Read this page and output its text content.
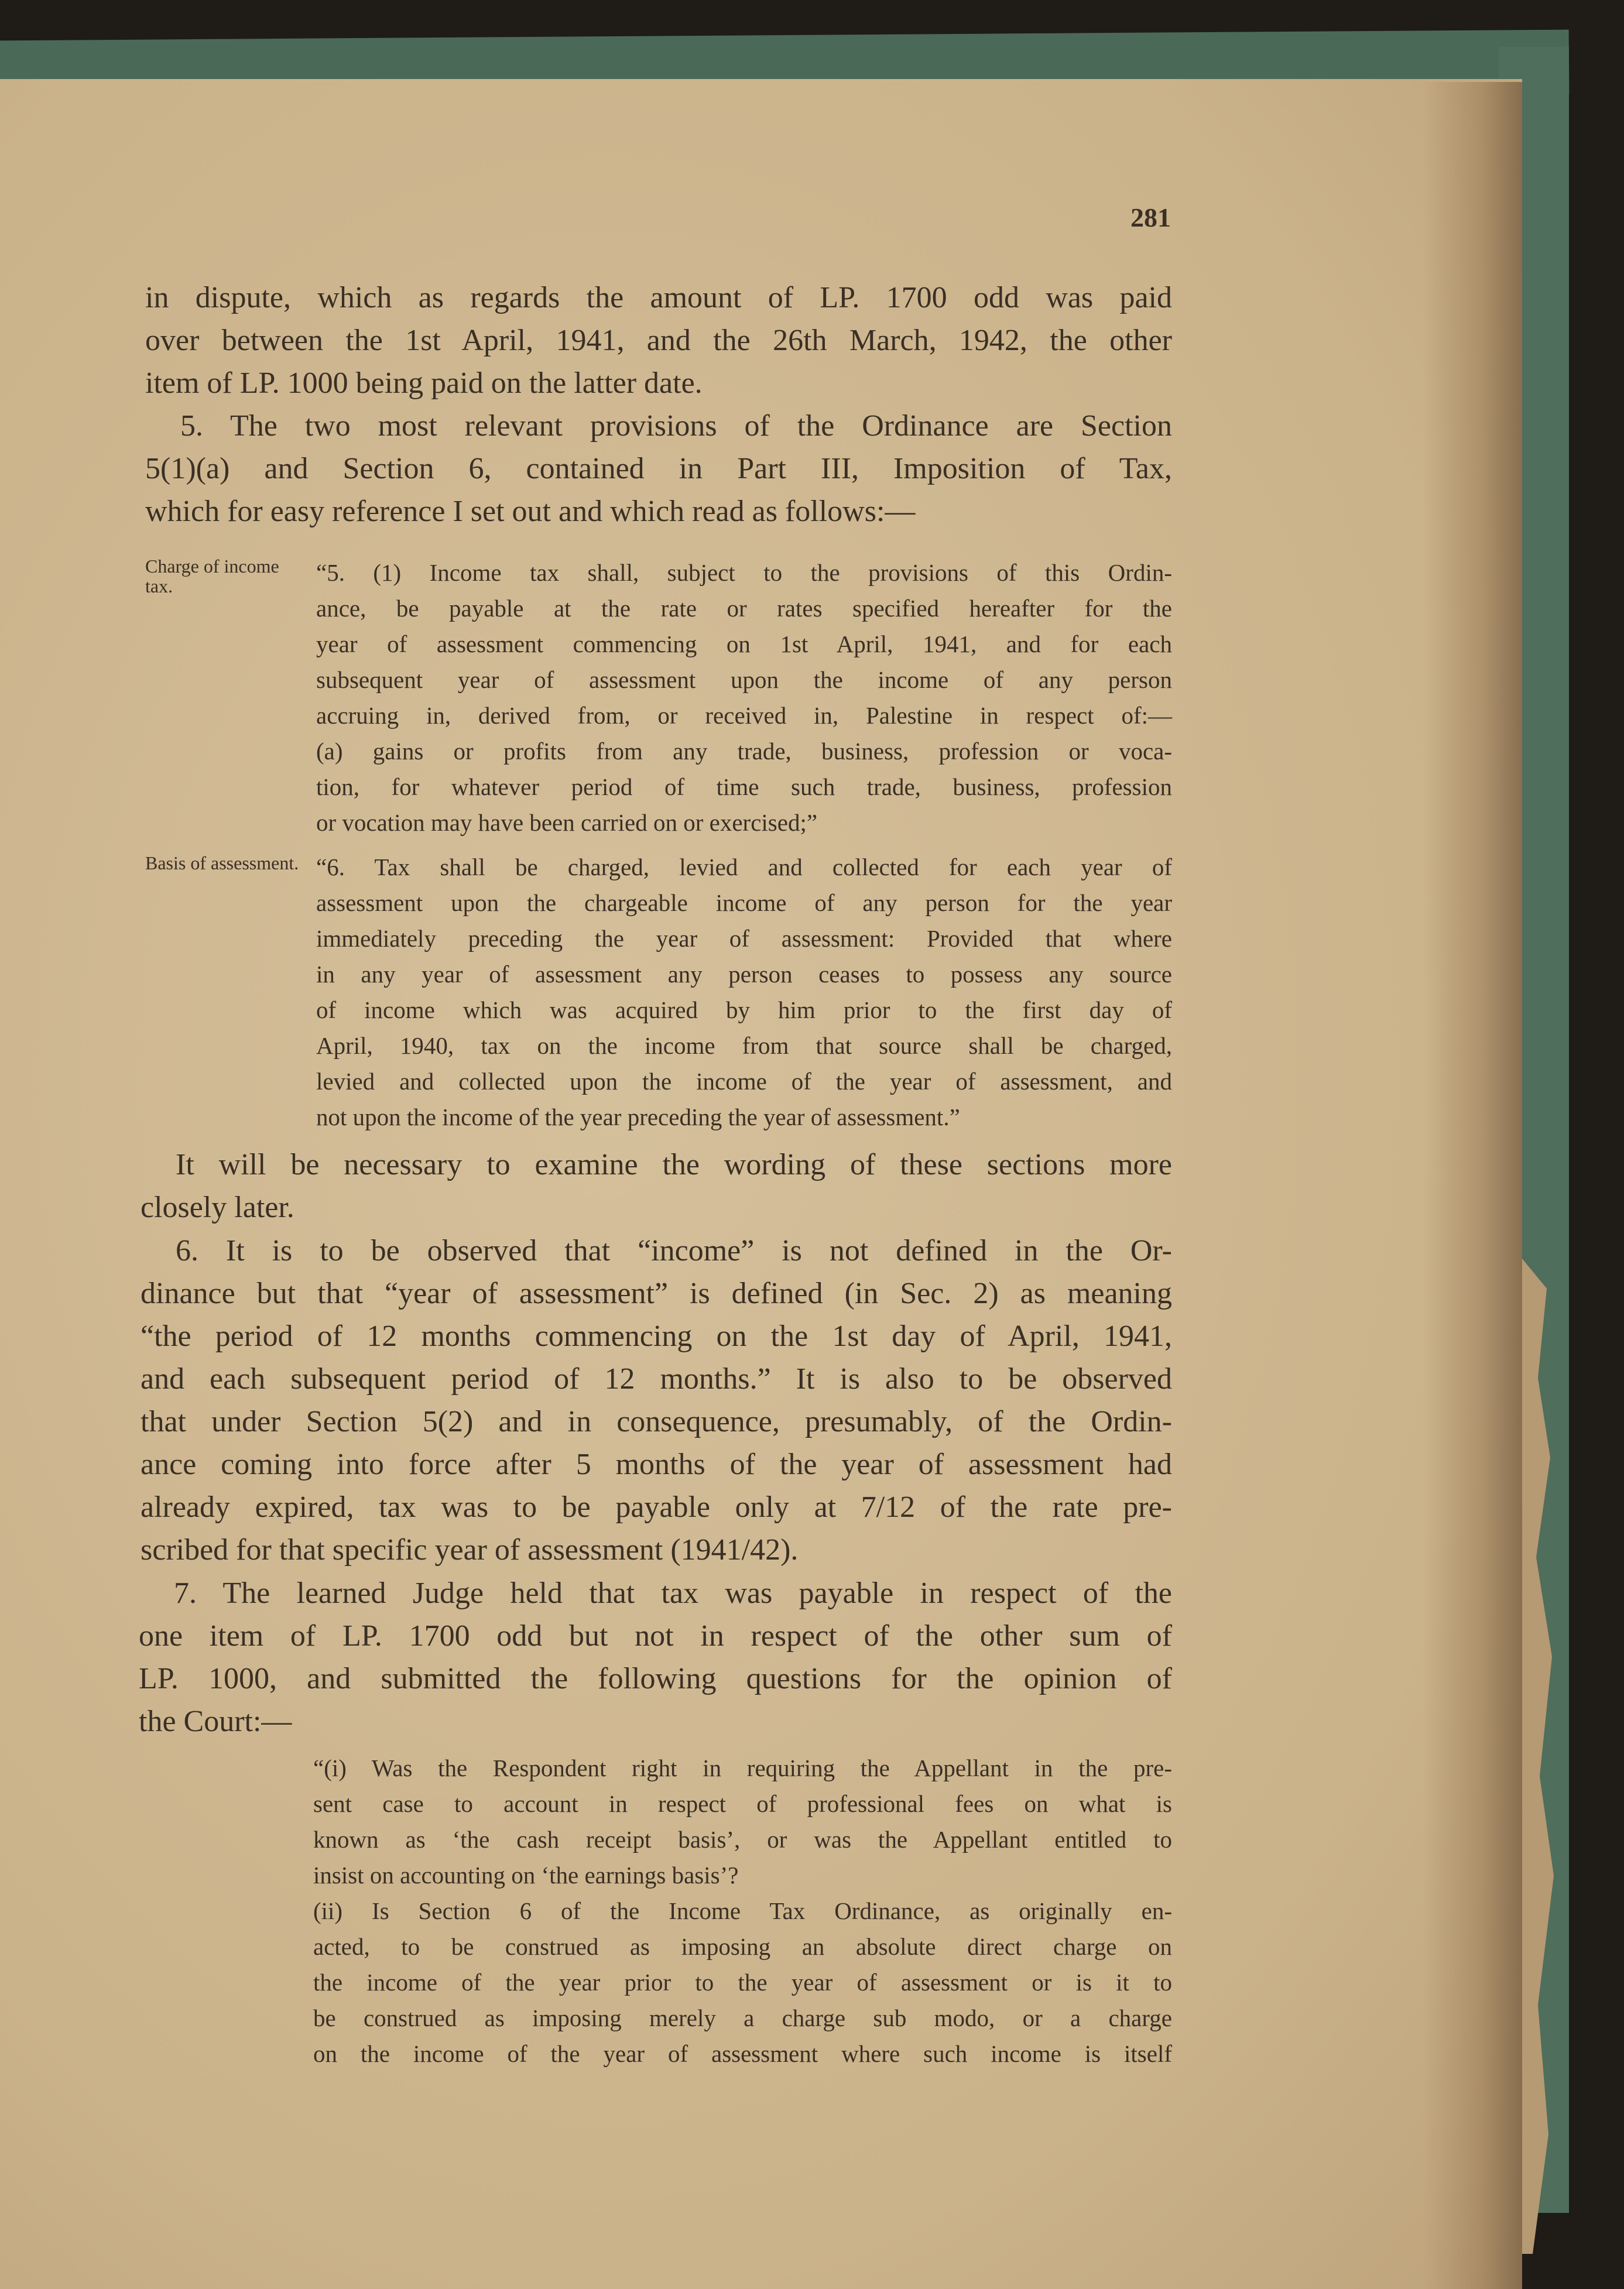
281
in dispute, which as regards the amount of LP. 1700 odd was paid
over between the 1st April, 1941, and the 26th March, 1942, the other
item of LP. 1000 being paid on the latter date.
5. The two most relevant provisions of the Ordinance are Section
5(1)(a) and Section 6, contained in Part III, Imposition of Tax,
which for easy reference I set out and which read as follows:—
Charge of income tax.
Basis of assessment.
“5. (1) Income tax shall, subject to the provisions of this Ordin-
ance, be payable at the rate or rates specified hereafter for the
year of assessment commencing on 1st April, 1941, and for each
subsequent year of assessment upon the income of any person
accruing in, derived from, or received in, Palestine in respect of:—
(a) gains or profits from any trade, business, profession or voca-
tion, for whatever period of time such trade, business, profession
or vocation may have been carried on or exercised;”
“6. Tax shall be charged, levied and collected for each year of
assessment upon the chargeable income of any person for the year
immediately preceding the year of assessment: Provided that where
in any year of assessment any person ceases to possess any source
of income which was acquired by him prior to the first day of
April, 1940, tax on the income from that source shall be charged,
levied and collected upon the income of the year of assessment, and
not upon the income of the year preceding the year of assessment.”
It will be necessary to examine the wording of these sections more
closely later.
6. It is to be observed that “income” is not defined in the Or-
dinance but that “year of assessment” is defined (in Sec. 2) as meaning
“the period of 12 months commencing on the 1st day of April, 1941,
and each subsequent period of 12 months.” It is also to be observed
that under Section 5(2) and in consequence, presumably, of the Ordin-
ance coming into force after 5 months of the year of assessment had
already expired, tax was to be payable only at 7/12 of the rate pre-
scribed for that specific year of assessment (1941/42).
7. The learned Judge held that tax was payable in respect of the
one item of LP. 1700 odd but not in respect of the other sum of
LP. 1000, and submitted the following questions for the opinion of
the Court:—
“(i) Was the Respondent right in requiring the Appellant in the pre-
sent case to account in respect of professional fees on what is
known as ‘the cash receipt basis’, or was the Appellant entitled to
insist on accounting on ‘the earnings basis’?
(ii) Is Section 6 of the Income Tax Ordinance, as originally en-
acted, to be construed as imposing an absolute direct charge on
the income of the year prior to the year of assessment or is it to
be construed as imposing merely a charge sub modo, or a charge
on the income of the year of assessment where such income is itself
